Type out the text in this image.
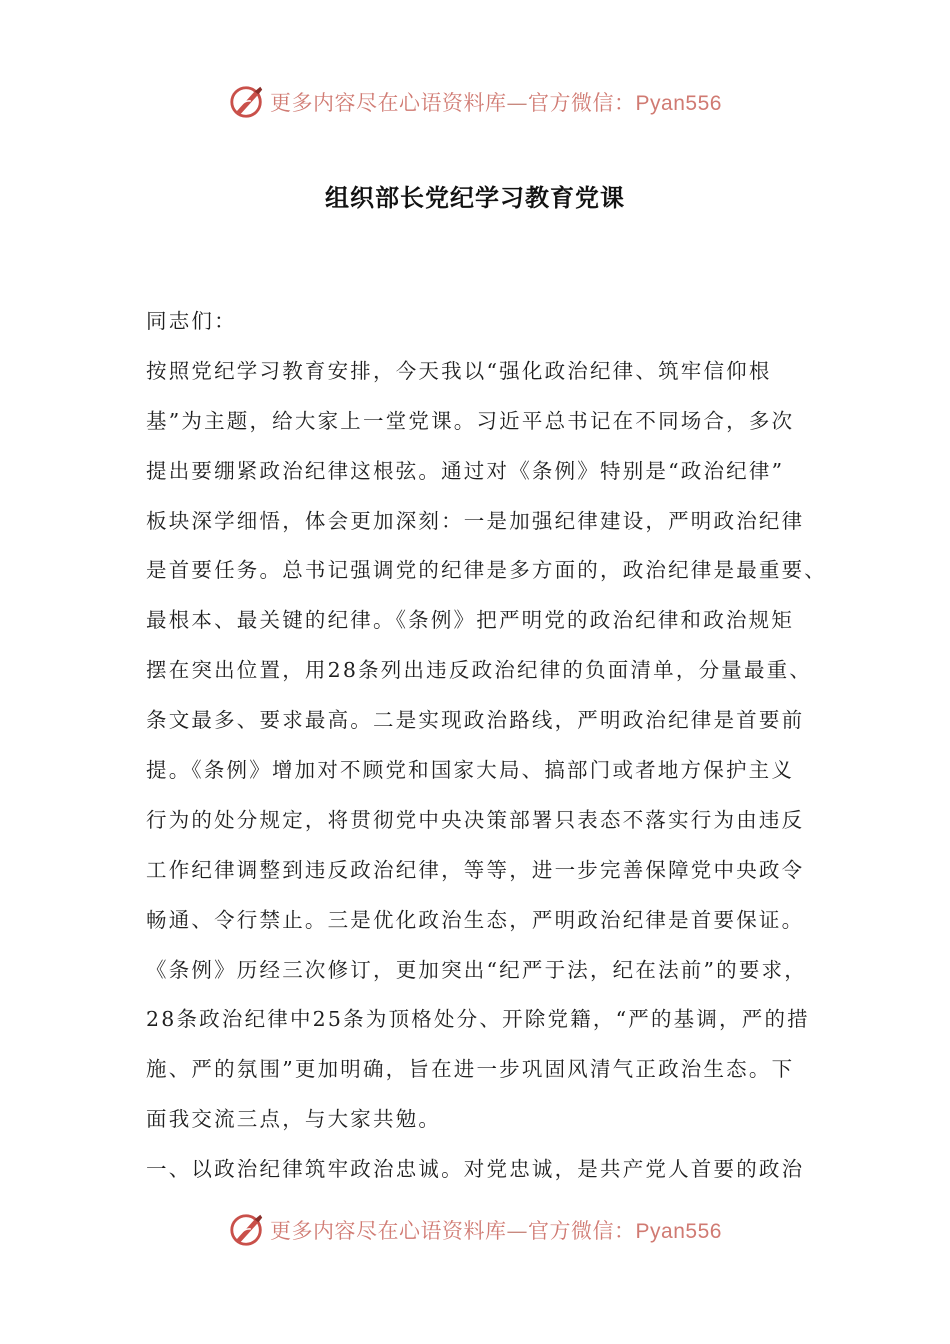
更多内容尽在心语资料库—官方微信：Pyan556
组织部长党纪学习教育党课
同志们：
按照党纪学习教育安排，今天我以“强化政治纪律、筑牢信仰根
基”为主题，给大家上一堂党课。习近平总书记在不同场合，多次
提出要绷紧政治纪律这根弦。通过对《条例》特别是“政治纪律”
板块深学细悟，体会更加深刻：一是加强纪律建设，严明政治纪律
是首要任务。总书记强调党的纪律是多方面的，政治纪律是最重要、
最根本、最关键的纪律。《条例》把严明党的政治纪律和政治规矩
摆在突出位置，用28条列出违反政治纪律的负面清单，分量最重、
条文最多、要求最高。二是实现政治路线，严明政治纪律是首要前
提。《条例》增加对不顾党和国家大局、搞部门或者地方保护主义
行为的处分规定，将贯彻党中央决策部署只表态不落实行为由违反
工作纪律调整到违反政治纪律，等等，进一步完善保障党中央政令
畅通、令行禁止。三是优化政治生态，严明政治纪律是首要保证。
《条例》历经三次修订，更加突出“纪严于法，纪在法前”的要求，
28条政治纪律中25条为顶格处分、开除党籍，“严的基调，严的措
施、严的氛围”更加明确，旨在进一步巩固风清气正政治生态。下
面我交流三点，与大家共勉。
一、以政治纪律筑牢政治忠诚。对党忠诚，是共产党人首要的政治
更多内容尽在心语资料库—官方微信：Pyan556
